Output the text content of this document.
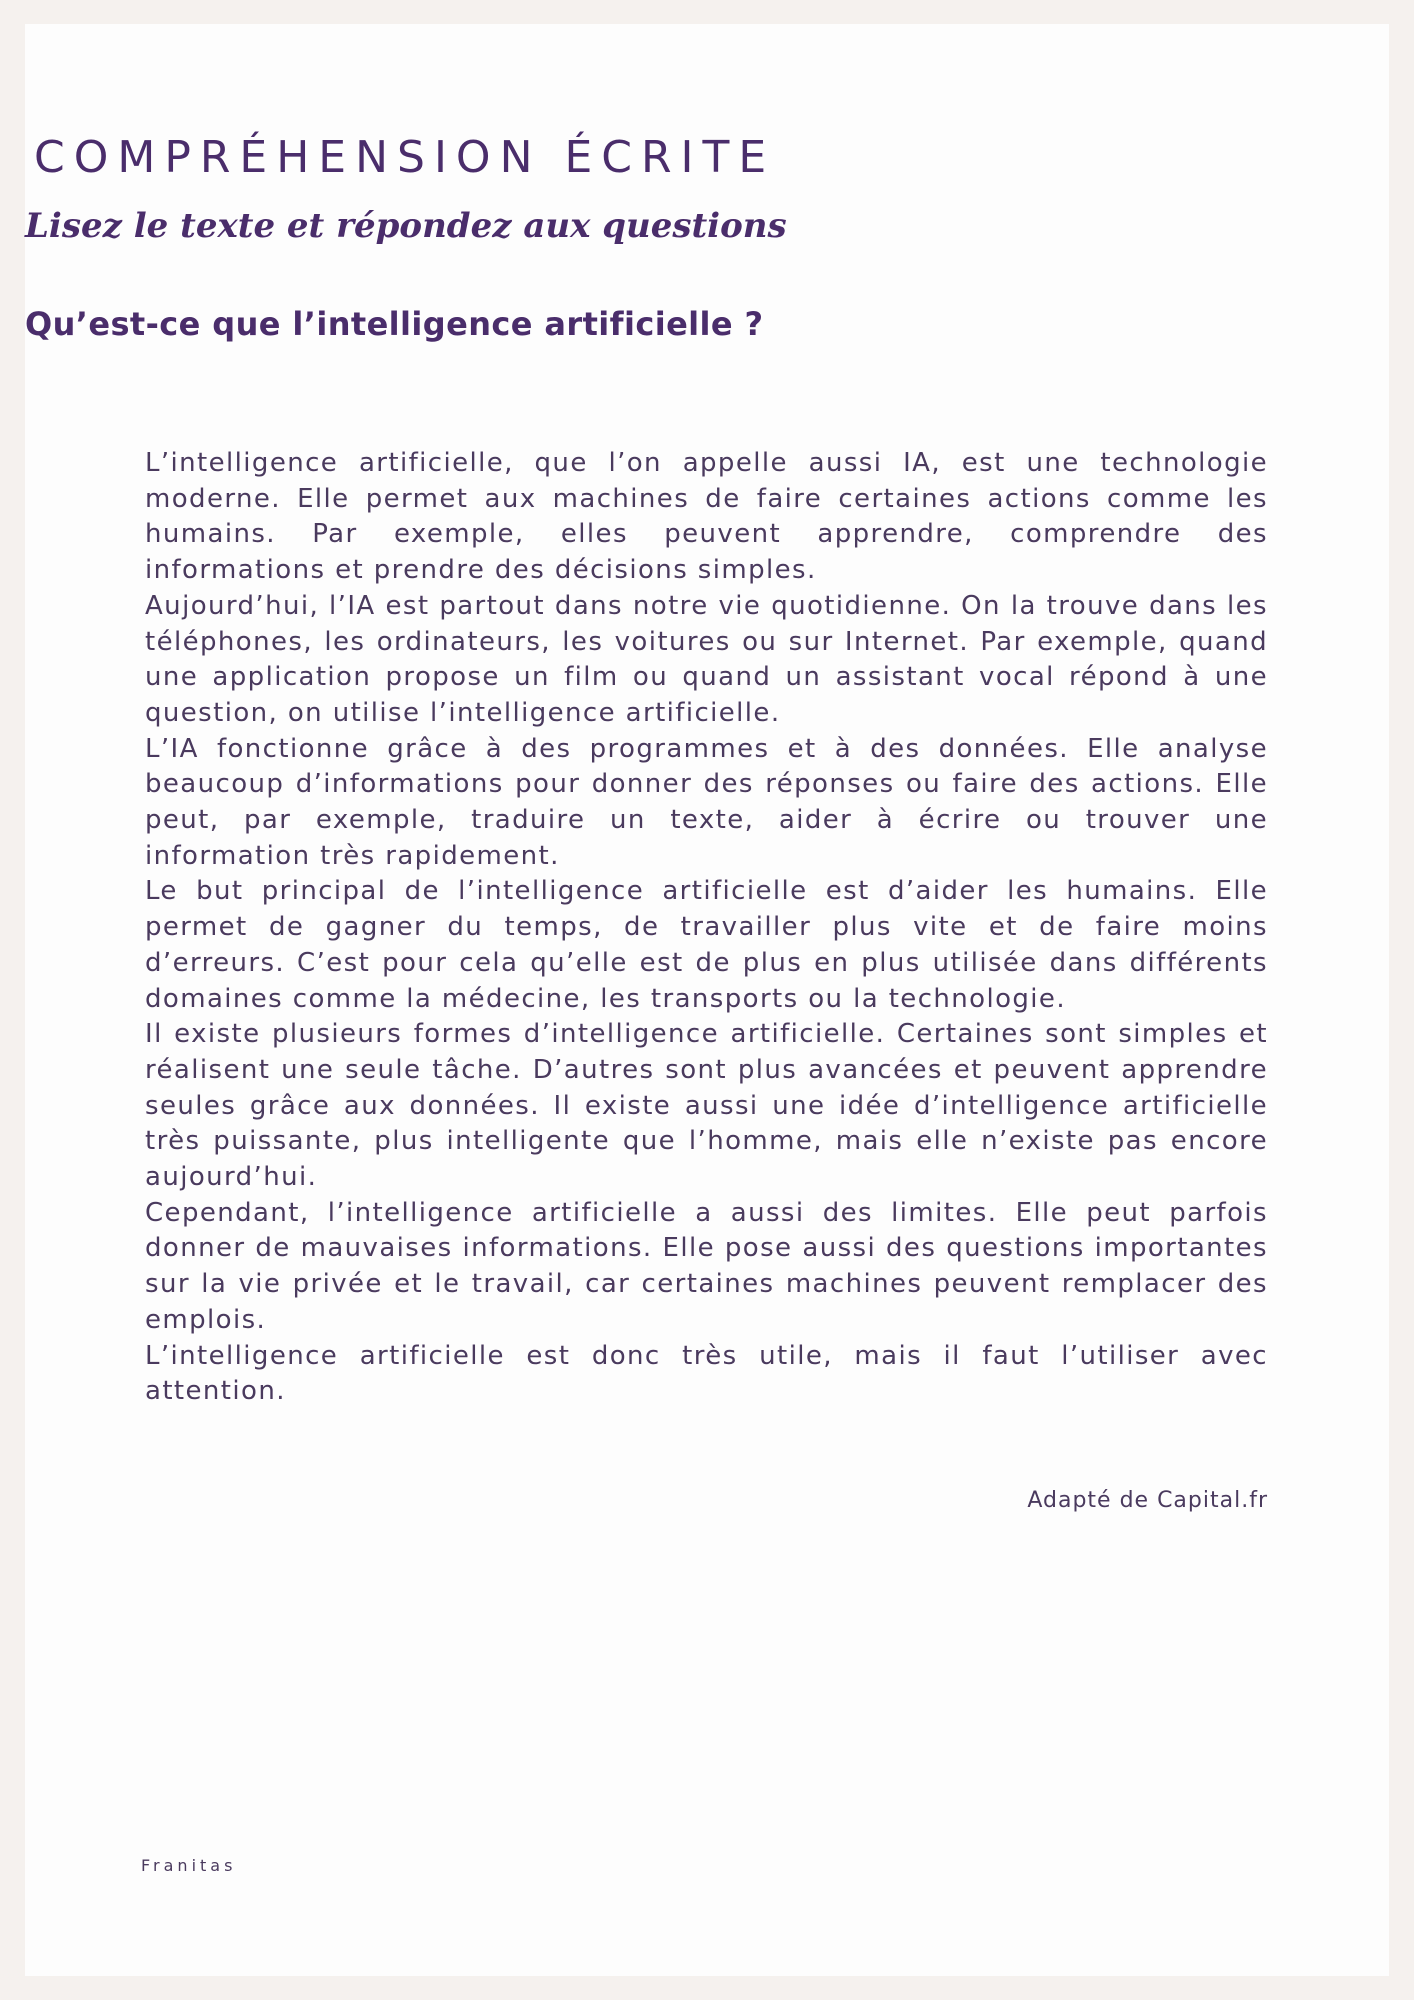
COMPRÉHENSION ÉCRITE
Lisez le texte et répondez aux questions
Qu’est-ce que l’intelligence artificielle ?

L’intelligence artificielle, que l’on appelle aussi IA, est une technologie moderne. Elle permet aux machines de faire certaines actions comme les humains. Par exemple, elles peuvent apprendre, comprendre des informations et prendre des décisions simples.

Aujourd’hui, l’IA est partout dans notre vie quotidienne. On la trouve dans les téléphones, les ordinateurs, les voitures ou sur Internet. Par exemple, quand une application propose un film ou quand un assistant vocal répond à une question, on utilise l’intelligence artificielle.

L’IA fonctionne grâce à des programmes et à des données. Elle analyse beaucoup d’informations pour donner des réponses ou faire des actions. Elle peut, par exemple, traduire un texte, aider à écrire ou trouver une information très rapidement.

Le but principal de l’intelligence artificielle est d’aider les humains. Elle permet de gagner du temps, de travailler plus vite et de faire moins d’erreurs. C’est pour cela qu’elle est de plus en plus utilisée dans différents domaines comme la médecine, les transports ou la technologie.

Il existe plusieurs formes d’intelligence artificielle. Certaines sont simples et réalisent une seule tâche. D’autres sont plus avancées et peuvent apprendre seules grâce aux données. Il existe aussi une idée d’intelligence artificielle très puissante, plus intelligente que l’homme, mais elle n’existe pas encore aujourd’hui.

Cependant, l’intelligence artificielle a aussi des limites. Elle peut parfois donner de mauvaises informations. Elle pose aussi des questions importantes sur la vie privée et le travail, car certaines machines peuvent remplacer des emplois.

L’intelligence artificielle est donc très utile, mais il faut l’utiliser avec attention.

Adapté de Capital.fr

Franitas
